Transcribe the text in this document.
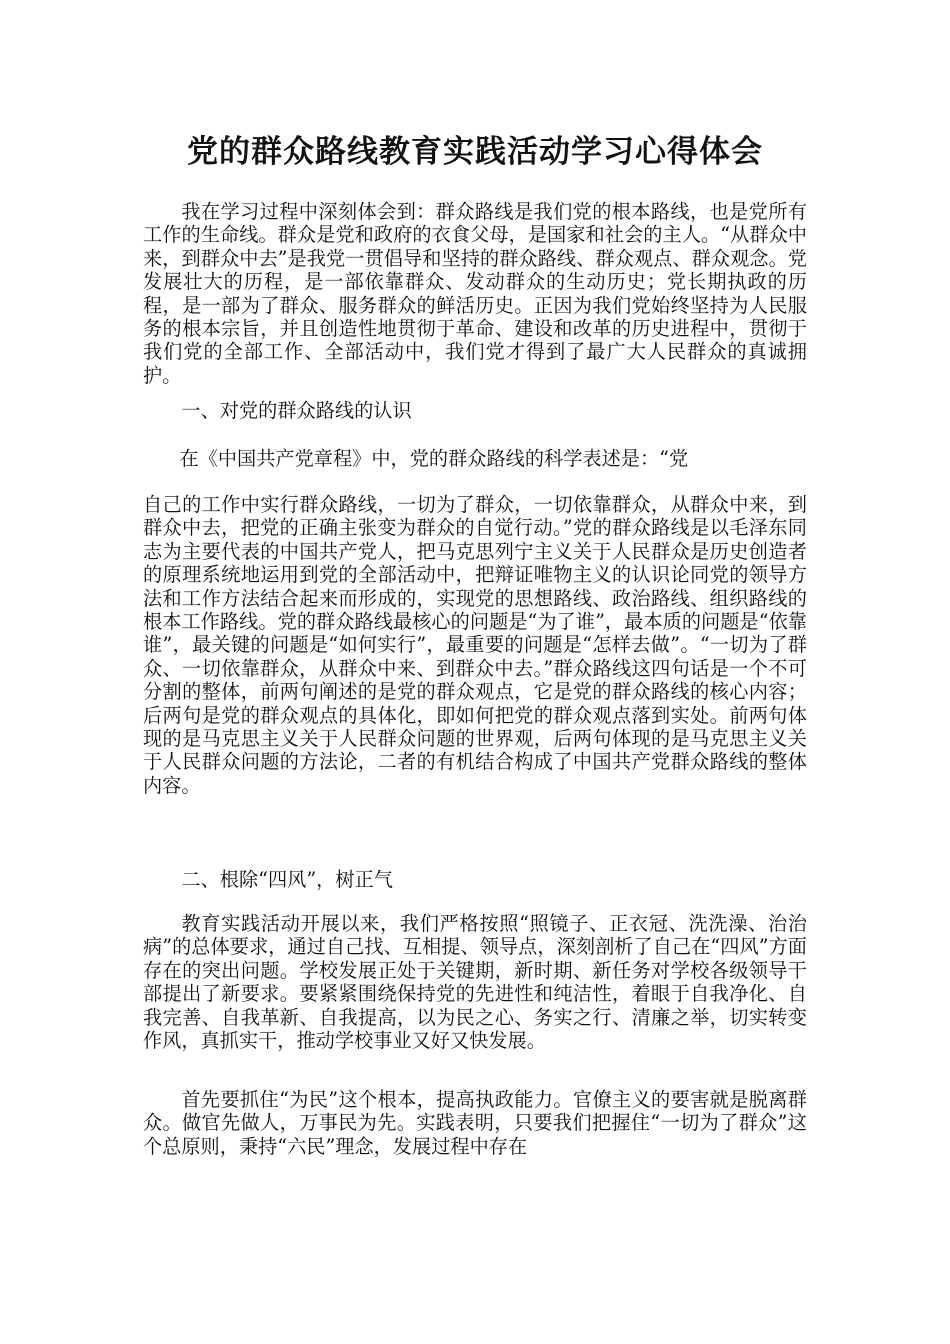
党的群众路线教育实践活动学习心得体会

我在学习过程中深刻体会到：群众路线是我们党的根本路线，也是党所有工作的生命线。群众是党和政府的衣食父母，是国家和社会的主人。“从群众中来，到群众中去”是我党一贯倡导和坚持的群众路线、群众观点、群众观念。党发展壮大的历程，是一部依靠群众、发动群众的生动历史；党长期执政的历程，是一部为了群众、服务群众的鲜活历史。正因为我们党始终坚持为人民服务的根本宗旨，并且创造性地贯彻于革命、建设和改革的历史进程中，贯彻于我们党的全部工作、全部活动中，我们党才得到了最广大人民群众的真诚拥护。

一、对党的群众路线的认识

在《中国共产党章程》中，党的群众路线的科学表述是：“党

自己的工作中实行群众路线，一切为了群众，一切依靠群众，从群众中来，到群众中去，把党的正确主张变为群众的自觉行动。”党的群众路线是以毛泽东同志为主要代表的中国共产党人，把马克思列宁主义关于人民群众是历史创造者的原理系统地运用到党的全部活动中，把辩证唯物主义的认识论同党的领导方法和工作方法结合起来而形成的，实现党的思想路线、政治路线、组织路线的根本工作路线。党的群众路线最核心的问题是“为了谁”，最本质的问题是“依靠谁”，最关键的问题是“如何实行”，最重要的问题是“怎样去做”。“一切为了群众、一切依靠群众，从群众中来、到群众中去。”群众路线这四句话是一个不可分割的整体，前两句阐述的是党的群众观点，它是党的群众路线的核心内容；后两句是党的群众观点的具体化，即如何把党的群众观点落到实处。前两句体现的是马克思主义关于人民群众问题的世界观，后两句体现的是马克思主义关于人民群众问题的方法论，二者的有机结合构成了中国共产党群众路线的整体内容。

二、根除“四风”，树正气

教育实践活动开展以来，我们严格按照“照镜子、正衣冠、洗洗澡、治治病”的总体要求，通过自己找、互相提、领导点，深刻剖析了自己在“四风”方面存在的突出问题。学校发展正处于关键期，新时期、新任务对学校各级领导干部提出了新要求。要紧紧围绕保持党的先进性和纯洁性，着眼于自我净化、自我完善、自我革新、自我提高，以为民之心、务实之行、清廉之举，切实转变作风，真抓实干，推动学校事业又好又快发展。

首先要抓住“为民”这个根本，提高执政能力。官僚主义的要害就是脱离群众。做官先做人，万事民为先。实践表明，只要我们把握住“一切为了群众”这个总原则，秉持“六民”理念，发展过程中存在
